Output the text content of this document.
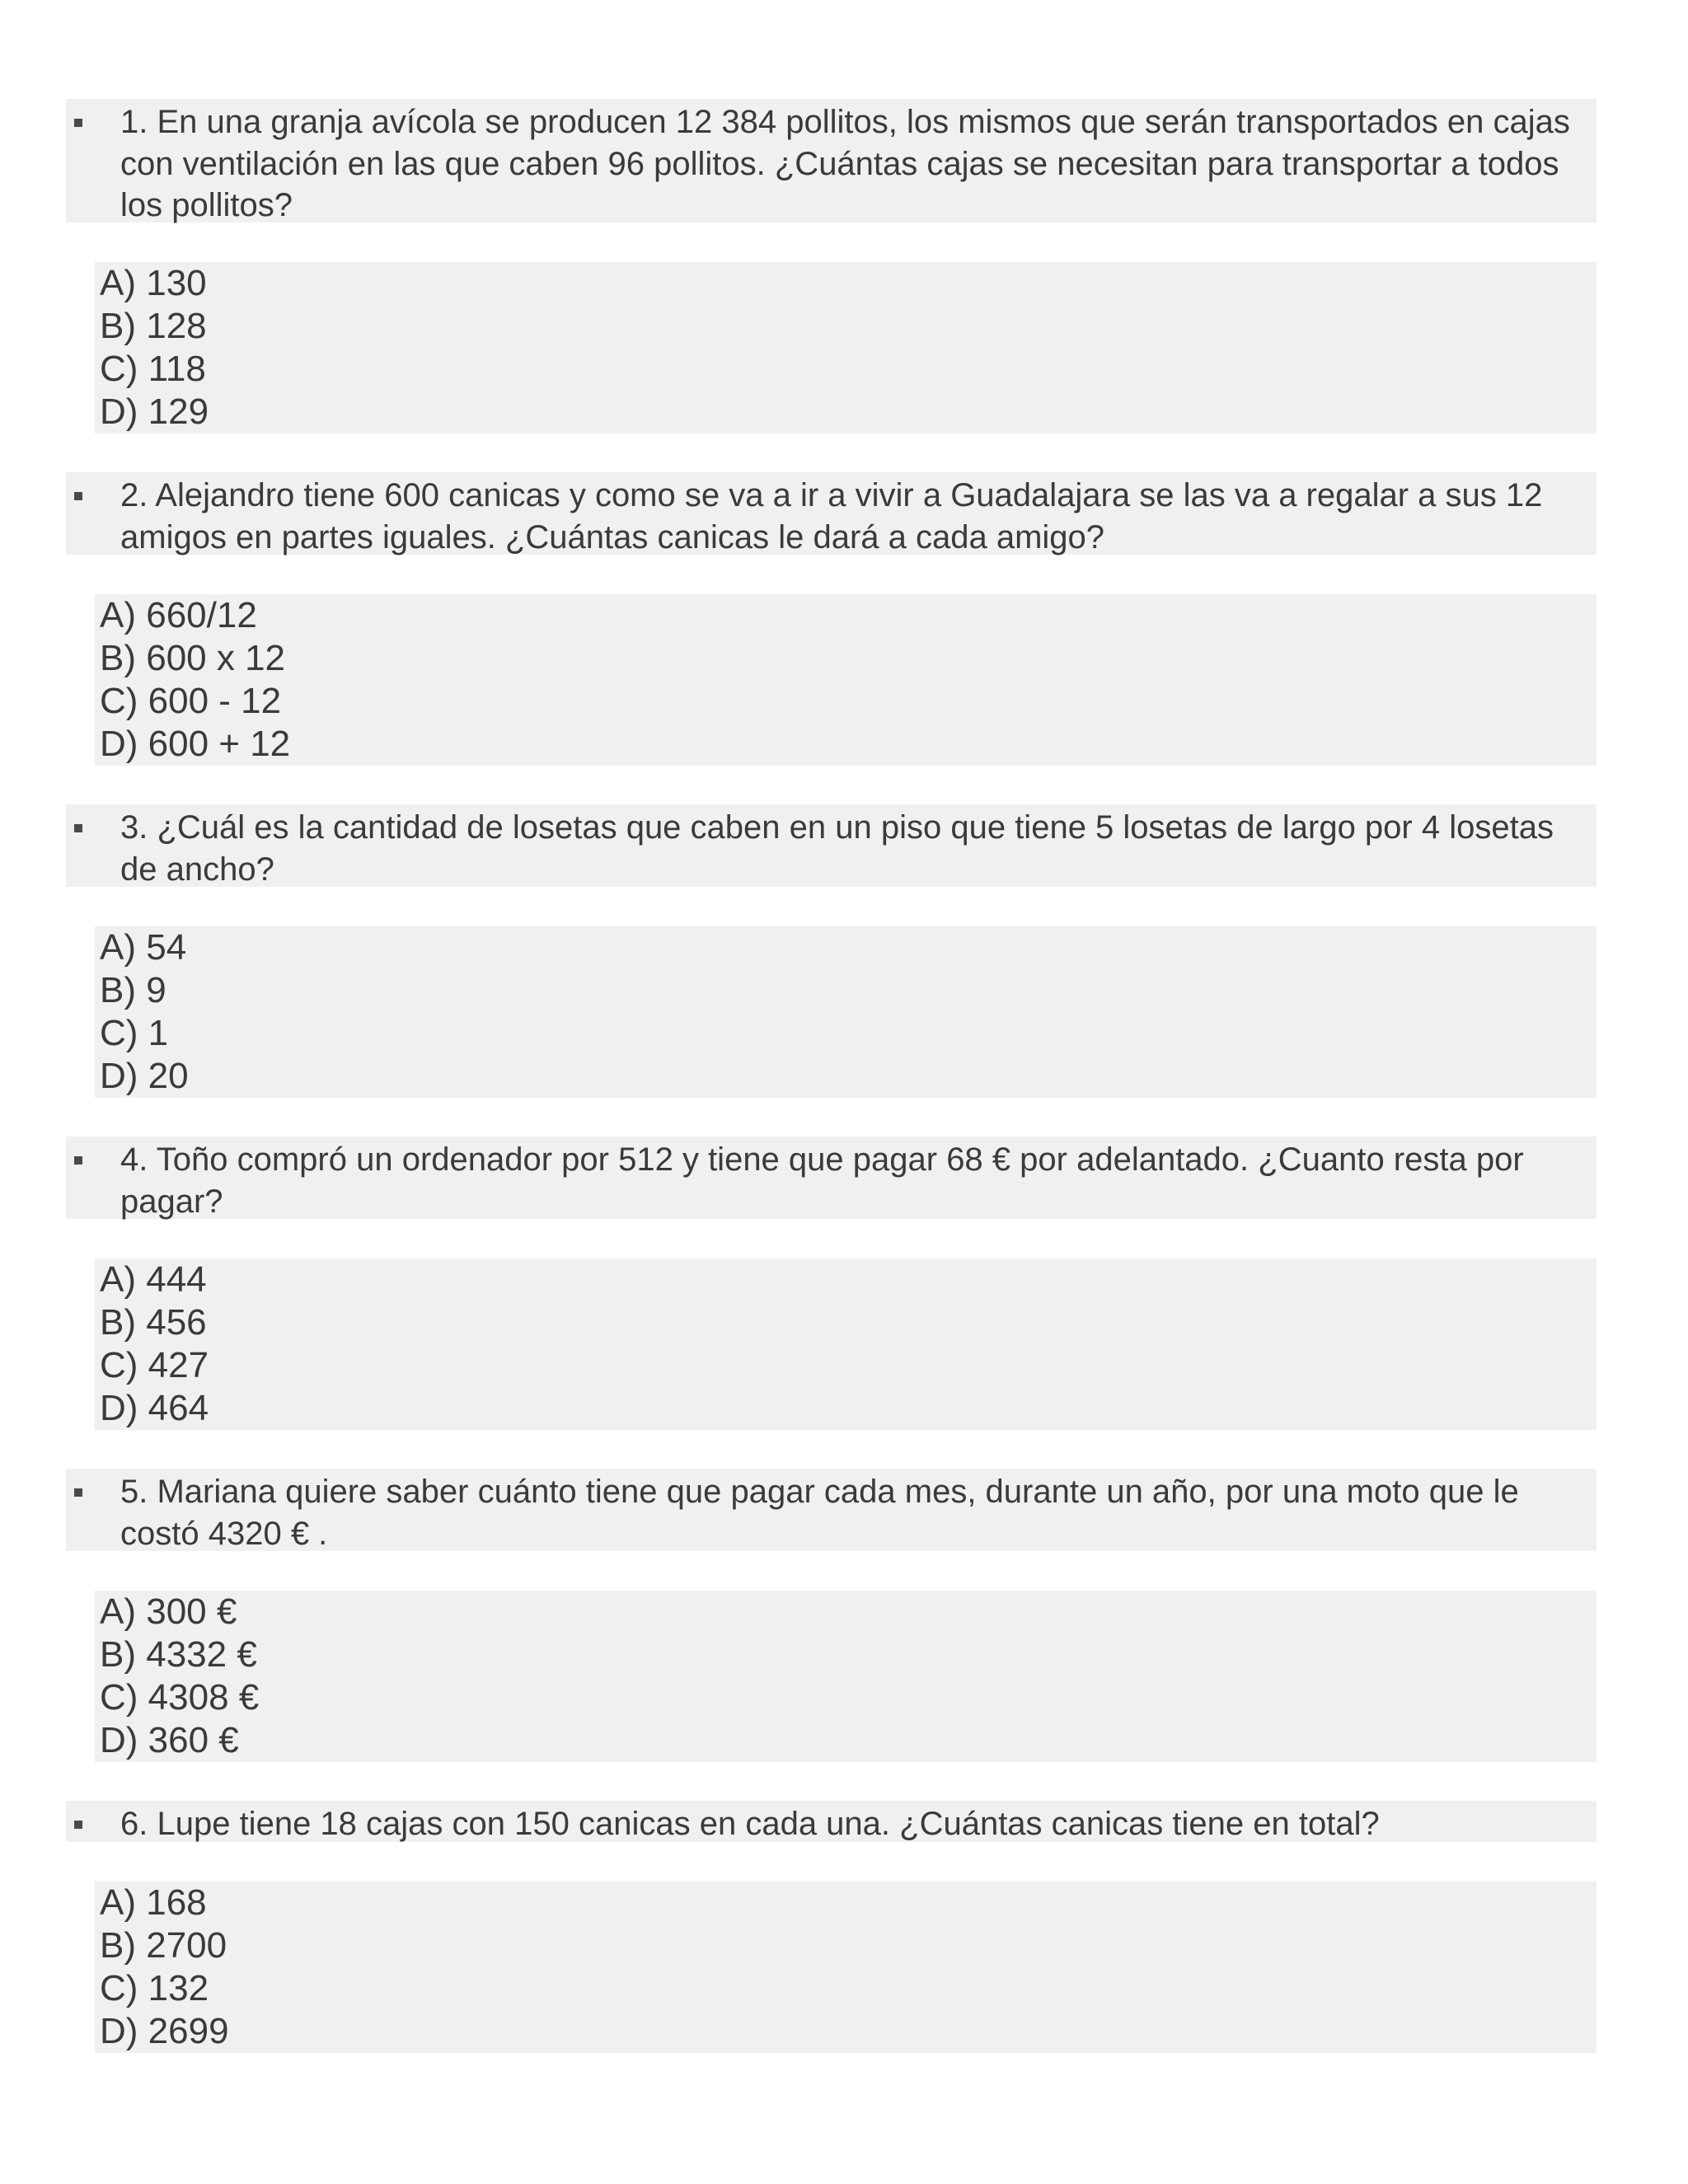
1. En una granja avícola se producen 12 384 pollitos, los mismos que serán transportados en cajas con ventilación en las que caben 96 pollitos. ¿Cuántas cajas se necesitan para transportar a todos los pollitos?

A) 130
B) 128
C) 118
D) 129

2. Alejandro tiene 600 canicas y como se va a ir a vivir a Guadalajara se las va a regalar a sus 12 amigos en partes iguales. ¿Cuántas canicas le dará a cada amigo?

A) 660/12
B) 600 x 12
C) 600 - 12
D) 600 + 12

3. ¿Cuál es la cantidad de losetas que caben en un piso que tiene 5 losetas de largo por 4 losetas de ancho?

A) 54
B) 9
C) 1
D) 20

4. Toño compró un ordenador por 512 y tiene que pagar 68 € por adelantado. ¿Cuanto resta por pagar?

A) 444
B) 456
C) 427
D) 464

5. Mariana quiere saber cuánto tiene que pagar cada mes, durante un año, por una moto que le costó 4320 € .

A) 300 €
B) 4332 €
C) 4308 €
D) 360 €

6. Lupe tiene 18 cajas con 150 canicas en cada una. ¿Cuántas canicas tiene en total?

A) 168
B) 2700
C) 132
D) 2699
